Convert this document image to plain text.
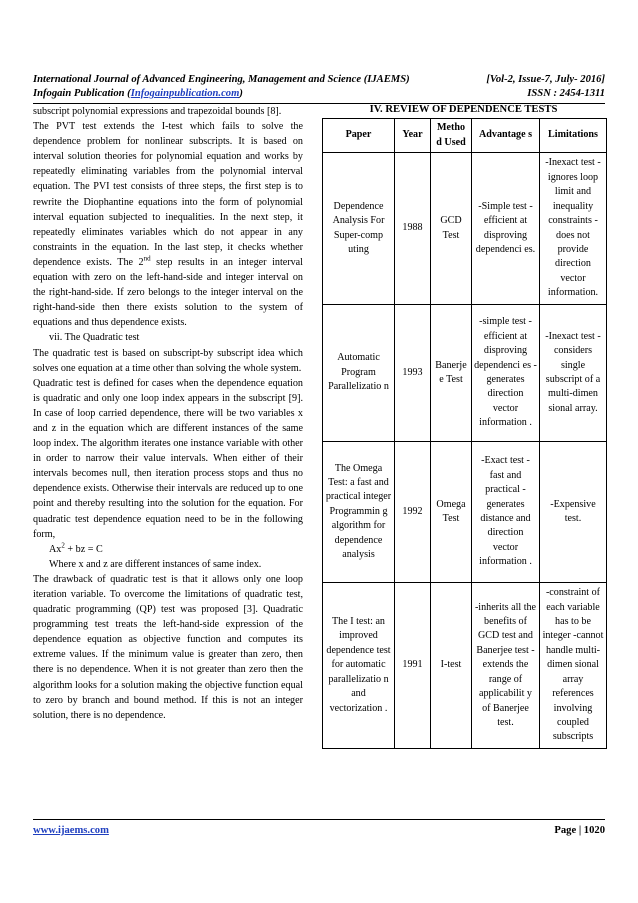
International Journal of Advanced Engineering, Management and Science (IJAEMS)	[Vol-2, Issue-7, July- 2016]
Infogain Publication (Infogainpublication.com)	ISSN : 2454-1311

subscript polynomial expressions and trapezoidal bounds [8].

The PVT test extends the I-test which fails to solve the dependence problem for nonlinear subscripts. It is based on interval solution theories for polynomial equation and works by repeatedly eliminating variables from the polynomial interval equation. The PVI test consists of three steps, the first step is to rewrite the Diophantine equations into the form of polynomial interval equation subjected to inequalities. In the next step, it repeatedly eliminates variables which do not appear in any constraints in the equation. In the last step, it checks whether dependence exists. The 2nd step results in an integer interval equation with zero on the left-hand-side and integer interval on the right-hand-side. If zero belongs to the integer interval on the right-hand-side then there exists solution to the system of equations and thus dependence exists.

vii. The Quadratic test

The quadratic test is based on subscript-by subscript idea which solves one equation at a time other than solving the whole system.

Quadratic test is defined for cases when the dependence equation is quadratic and only one loop index appears in the subscript [9]. In case of loop carried dependence, there will be two variables x and z in the equation which are different instances of the same loop index. The algorithm iterates one instance variable with other in order to narrow their value intervals. When either of their intervals becomes null, then iteration process stops and thus no dependence exists. Otherwise their intervals are reduced up to one point and thereby resulting into the solution for the equation. For quadratic test dependence equation need to be in the following form,

$Ax^2$ + bz = C

Where x and z are different instances of same index.

The drawback of quadratic test is that it allows only one loop iteration variable. To overcome the limitations of quadratic test, quadratic programming (QP) test was proposed [3]. Quadratic programming test treats the left-hand-side expression of the dependence equation as objective function and computes its extreme values. If the minimum value is greater than zero, then there is no dependence. When it is not greater than zero then the algorithm looks for a solution making the objective function equal to zero by branch and bound method. If this is not an integer solution, there is no dependence.

IV. REVIEW OF DEPENDENCE TESTS
Paper	Year	Metho d Used	Advantage s	Limitations
Dependence Analysis For Super-comp uting	1988	GCD Test	-Simple test -efficient at disproving dependenci es.	-Inexact test -ignores loop limit and inequality constraints - does not provide direction vector information.
Automatic Program Parallelizatio n	1993	Banerje e Test	-simple test -efficient at disproving dependenci es -generates direction vector information .	-Inexact test -considers single subscript of a multi-dimen sional array.
The Omega Test: a fast and practical integer Programmin g algorithm for dependence analysis	1992	Omega Test	-Exact test -fast and practical -generates distance and direction vector information .	-Expensive test.
The I test: an improved dependence test for automatic parallelizatio n and vectorization .	1991	I-test	-inherits all the benefits of GCD test and Banerjee test -extends the range of applicabilit y of Banerjee test.	-constraint of each variable has to be integer -cannot handle multi-dimen sional array references involving coupled subscripts
www.ijaems.com	Page | 1020
